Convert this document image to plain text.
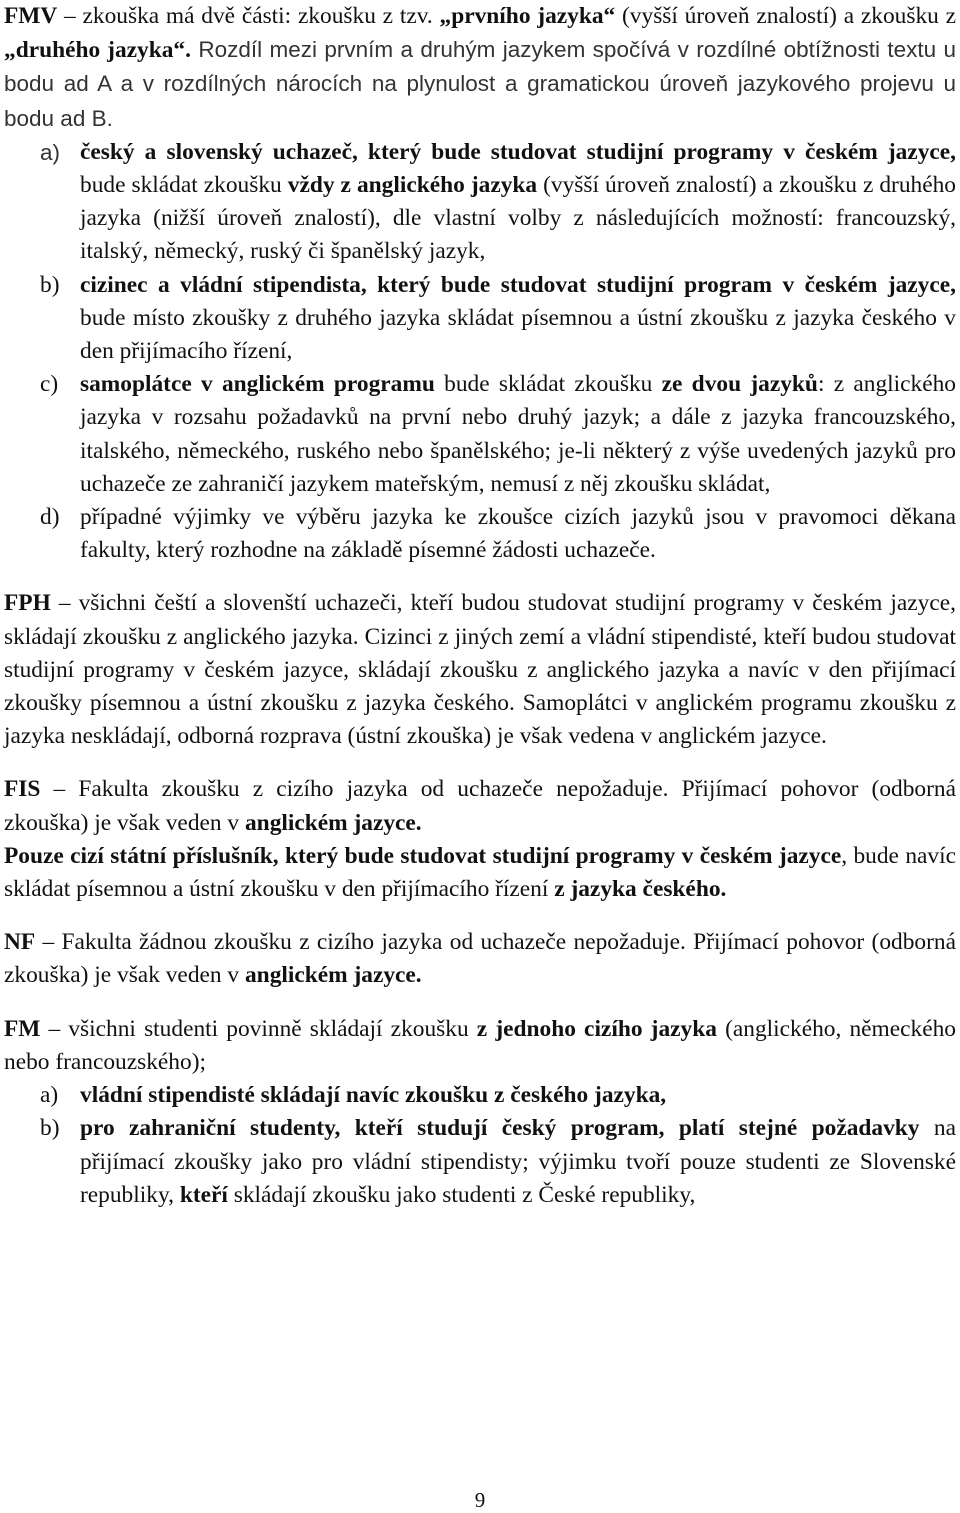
FMV – zkouška má dvě části: zkoušku z tzv. „prvního jazyka“ (vyšší úroveň znalostí) a zkoušku z „druhého jazyka“. Rozdíl mezi prvním a druhým jazykem spočívá v rozdílné obtížnosti textu u bodu ad A a v rozdílných nárocích na plynulost a gramatickou úroveň jazykového projevu u bodu ad B.

a) český a slovenský uchazeč, který bude studovat studijní programy v českém jazyce, bude skládat zkoušku vždy z anglického jazyka (vyšší úroveň znalostí) a zkoušku z druhého jazyka (nižší úroveň znalostí), dle vlastní volby z následujících možností: francouzský, italský, německý, ruský či španělský jazyk,
b) cizinec a vládní stipendista, který bude studovat studijní program v českém jazyce, bude místo zkoušky z druhého jazyka skládat písemnou a ústní zkoušku z jazyka českého v den přijímacího řízení,
c) samoplátce v anglickém programu bude skládat zkoušku ze dvou jazyků: z anglického jazyka v rozsahu požadavků na první nebo druhý jazyk; a dále z jazyka francouzského, italského, německého, ruského nebo španělského; je-li některý z výše uvedených jazyků pro uchazeče ze zahraničí jazykem mateřským, nemusí z něj zkoušku skládat,
d) případné výjimky ve výběru jazyka ke zkoušce cizích jazyků jsou v pravomoci děkana fakulty, který rozhodne na základě písemné žádosti uchazeče.

FPH – všichni čeští a slovenští uchazeči, kteří budou studovat studijní programy v českém jazyce, skládají zkoušku z anglického jazyka. Cizinci z jiných zemí a vládní stipendisté, kteří budou studovat studijní programy v českém jazyce, skládají zkoušku z anglického jazyka a navíc v den přijímací zkoušky písemnou a ústní zkoušku z jazyka českého. Samoplátci v anglickém programu zkoušku z jazyka neskládají, odborná rozprava (ústní zkouška) je však vedena v anglickém jazyce.

FIS – Fakulta zkoušku z cizího jazyka od uchazeče nepožaduje. Přijímací pohovor (odborná zkouška) je však veden v anglickém jazyce.

Pouze cizí státní příslušník, který bude studovat studijní programy v českém jazyce, bude navíc skládat písemnou a ústní zkoušku v den přijímacího řízení z jazyka českého.

NF – Fakulta žádnou zkoušku z cizího jazyka od uchazeče nepožaduje. Přijímací pohovor (odborná zkouška) je však veden v anglickém jazyce.

FM – všichni studenti povinně skládají zkoušku z jednoho cizího jazyka (anglického, německého nebo francouzského);

a) vládní stipendisté skládají navíc zkoušku z českého jazyka,
b) pro zahraniční studenty, kteří studují český program, platí stejné požadavky na přijímací zkoušky jako pro vládní stipendisty; výjimku tvoří pouze studenti ze Slovenské republiky, kteří skládají zkoušku jako studenti z České republiky,
9
